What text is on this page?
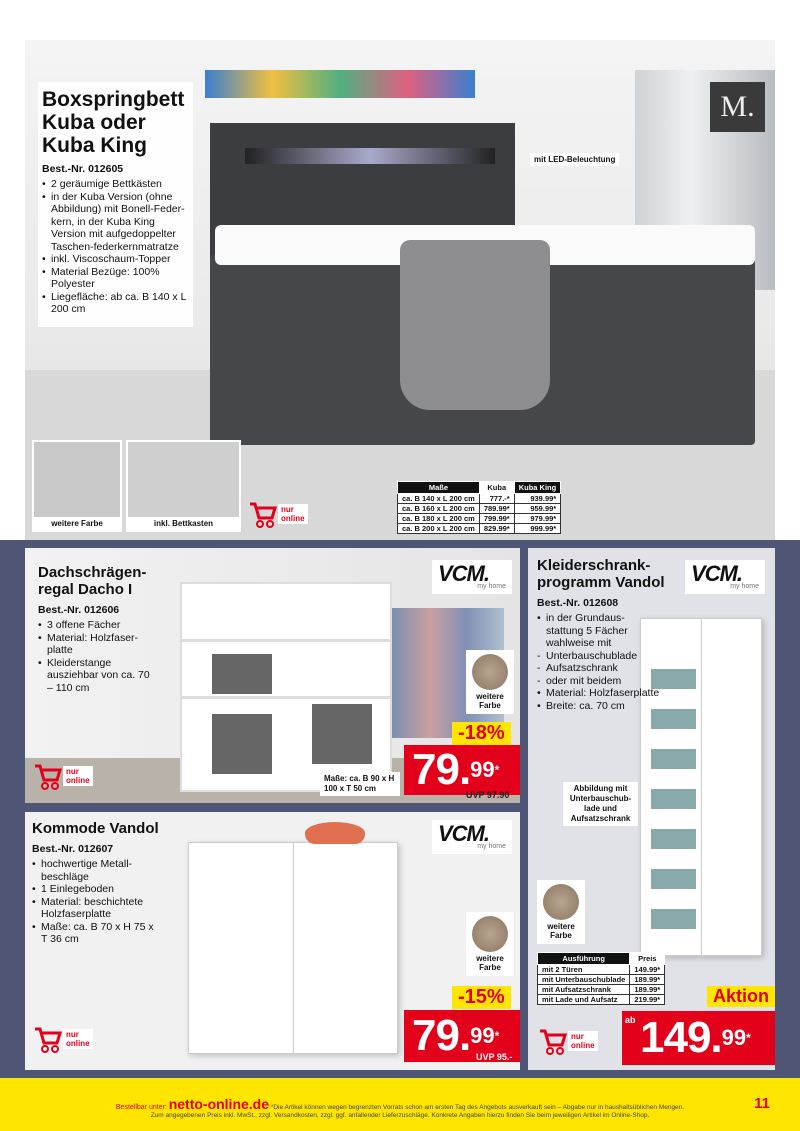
M.
mit LED-Beleuchtung
Boxspringbett Kuba oder Kuba King
Best.-Nr. 012605
• 2 geräumige Bettkästen
• in der Kuba Version (ohne Abbildung) mit Bonell-Feder-kern, in der Kuba King Version mit aufgedoppelter Taschen-federkernmatratze
• inkl. Viscoschaum-Topper
• Material Bezüge: 100% Polyester
• Liegefläche: ab ca. B 140 x L 200 cm
weitere Farbe	inkl. Bettkasten
nur
online
Maße	Kuba	Kuba King
ca. B 140 x L 200 cm	777.-*	939.99*
ca. B 160 x L 200 cm	789.99*	959.99*
ca. B 180 x L 200 cm	799.99*	979.99*
ca. B 200 x L 200 cm	829.99*	999.99*
Dachschrägen-regal Dacho I
Best.-Nr. 012606
• 3 offene Fächer
• Material: Holzfaser-platte
• Kleiderstange ausziehbar von ca. 70 – 110 cm
VCM.
my home
weitere Farbe
-18%
79.$^{99*}$
UVP 97.90
Maße: ca. B 90 x H 100 x T 50 cm
nur
online
Kleiderschrank-programm Vandol
Best.-Nr. 012608
• in der Grundaus-stattung 5 Fächer wahlweise mit
- Unterbauschublade
- Aufsatzschrank
- oder mit beidem
• Material: Holzfaserplatte
• Breite: ca. 70 cm
VCM.
my home
Abbildung mit Unterbauschub-lade und Aufsatzschrank
weitere Farbe
Ausführung	Preis
mit 2 Türen	149.99*
mit Unterbauschublade	189.99*
mit Aufsatzschrank	189.99*
mit Lade und Aufsatz	219.99*	Aktion
ab 149.$^{99*}$
nur
online
Kommode Vandol
Best.-Nr. 012607
• hochwertige Metall-beschläge
• 1 Einlegeboden
• Material: beschichtete Holzfaserplatte
• Maße: ca. B 70 x H 75 x T 36 cm
VCM.
my home
weitere Farbe
-15%
79.$^{99*}$
UVP 95.-
nur
online
Bestellbar unter: netto-online.de *Die Artikel können wegen begrenzten Vorrats schon am ersten Tag des Angebots ausverkauft sein – Abgabe nur in haushaltsüblichen Mengen.
Zum angegebenen Preis inkl. MwSt., zzgl. Versandkosten, zzgl. ggf. anfallender Lieferzuschläge. Konkrete Angaben hierzu finden Sie beim jeweiligen Artikel im Online-Shop.
11
